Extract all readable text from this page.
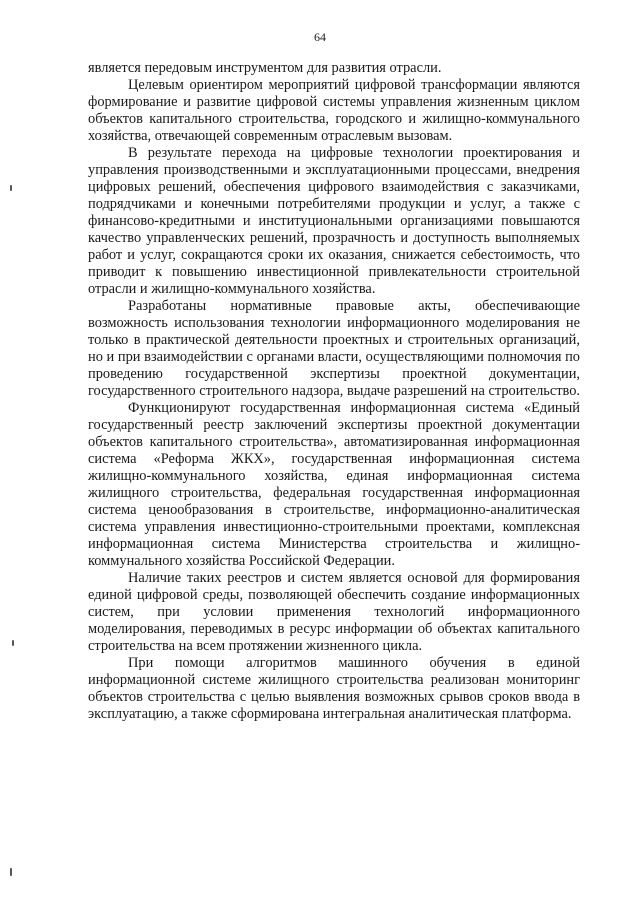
64

является передовым инструментом для развития отрасли.

Целевым ориентиром мероприятий цифровой трансформации являются формирование и развитие цифровой системы управления жизненным циклом объектов капитального строительства, городского и жилищно-коммунального хозяйства, отвечающей современным отраслевым вызовам.

В результате перехода на цифровые технологии проектирования и управления производственными и эксплуатационными процессами, внедрения цифровых решений, обеспечения цифрового взаимодействия с заказчиками, подрядчиками и конечными потребителями продукции и услуг, а также с финансово-кредитными и институциональными организациями повышаются качество управленческих решений, прозрачность и доступность выполняемых работ и услуг, сокращаются сроки их оказания, снижается себестоимость, что приводит к повышению инвестиционной привлекательности строительной отрасли и жилищно-коммунального хозяйства.

Разработаны нормативные правовые акты, обеспечивающие возможность использования технологии информационного моделирования не только в практической деятельности проектных и строительных организаций, но и при взаимодействии с органами власти, осуществляющими полномочия по проведению государственной экспертизы проектной документации, государственного строительного надзора, выдаче разрешений на строительство.

Функционируют государственная информационная система «Единый государственный реестр заключений экспертизы проектной документации объектов капитального строительства», автоматизированная информационная система «Реформа ЖКХ», государственная информационная система жилищно-коммунального хозяйства, единая информационная система жилищного строительства, федеральная государственная информационная система ценообразования в строительстве, информационно-аналитическая система управления инвестиционно-строительными проектами, комплексная информационная система Министерства строительства и жилищно-коммунального хозяйства Российской Федерации.

Наличие таких реестров и систем является основой для формирования единой цифровой среды, позволяющей обеспечить создание информационных систем, при условии применения технологий информационного моделирования, переводимых в ресурс информации об объектах капитального строительства на всем протяжении жизненного цикла.

При помощи алгоритмов машинного обучения в единой информационной системе жилищного строительства реализован мониторинг объектов строительства с целью выявления возможных срывов сроков ввода в эксплуатацию, а также сформирована интегральная аналитическая платформа.
